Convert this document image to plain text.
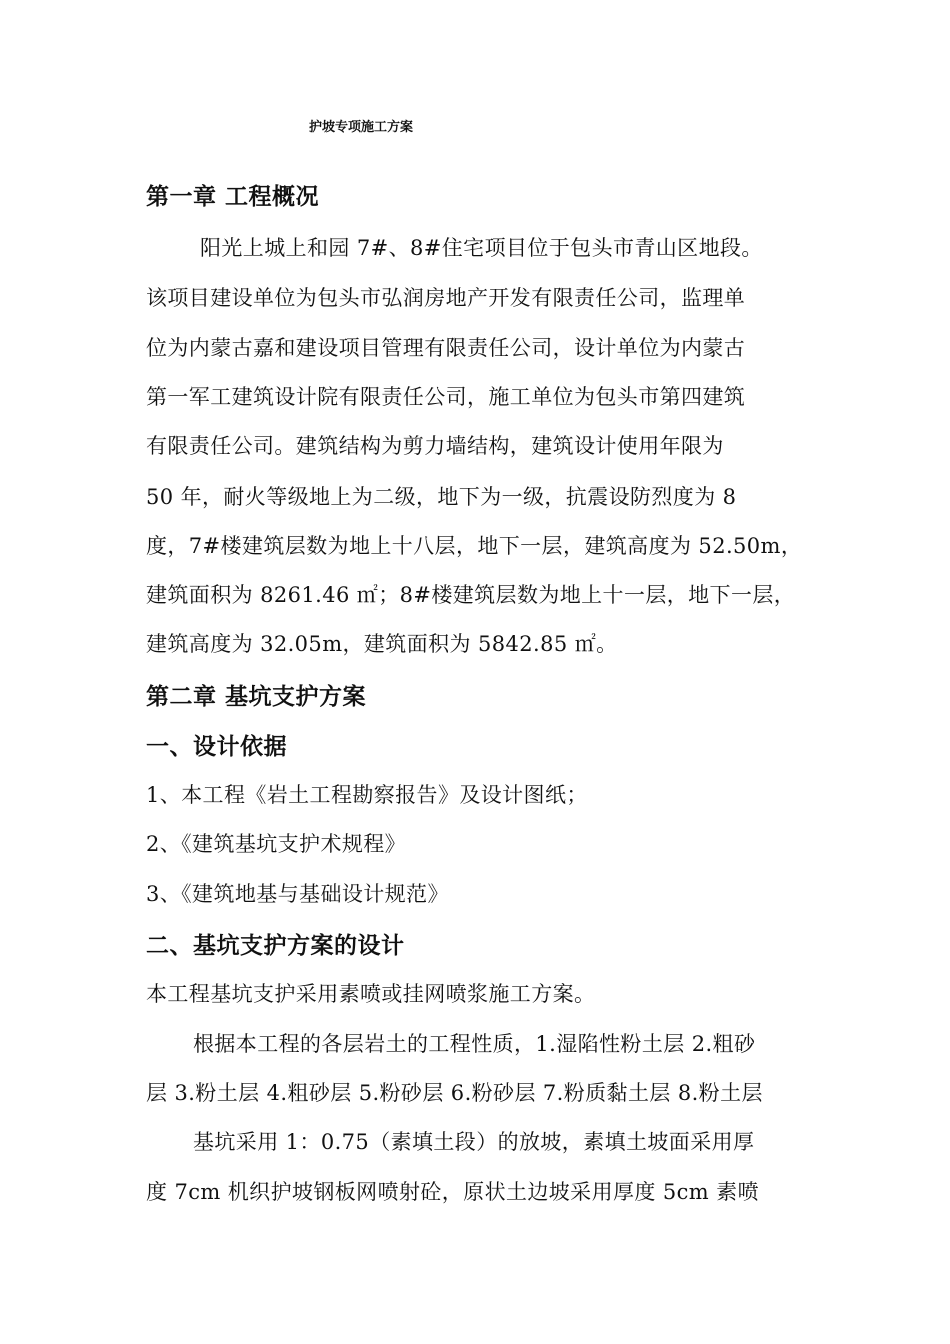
护坡专项施工方案
第一章 工程概况
阳光上城上和园 7#、8#住宅项目位于包头市青山区地段。
该项目建设单位为包头市弘润房地产开发有限责任公司，监理单
位为内蒙古嘉和建设项目管理有限责任公司，设计单位为内蒙古
第一军工建筑设计院有限责任公司，施工单位为包头市第四建筑
有限责任公司。建筑结构为剪力墙结构，建筑设计使用年限为
50 年，耐火等级地上为二级，地下为一级，抗震设防烈度为 8
度，7#楼建筑层数为地上十八层，地下一层，建筑高度为 52.50m，
建筑面积为 8261.46 ㎡；8#楼建筑层数为地上十一层，地下一层，
建筑高度为 32.05m，建筑面积为 5842.85 ㎡。
第二章 基坑支护方案
一、设计依据
1、本工程《岩土工程勘察报告》及设计图纸；
2、《建筑基坑支护术规程》
3、《建筑地基与基础设计规范》
二、基坑支护方案的设计
本工程基坑支护采用素喷或挂网喷浆施工方案。
根据本工程的各层岩土的工程性质，1.湿陷性粉土层 2.粗砂
层 3.粉土层 4.粗砂层 5.粉砂层 6.粉砂层 7.粉质黏土层 8.粉土层
基坑采用 1：0.75（素填土段）的放坡，素填土坡面采用厚
度 7cm 机织护坡钢板网喷射砼，原状土边坡采用厚度 5cm 素喷
